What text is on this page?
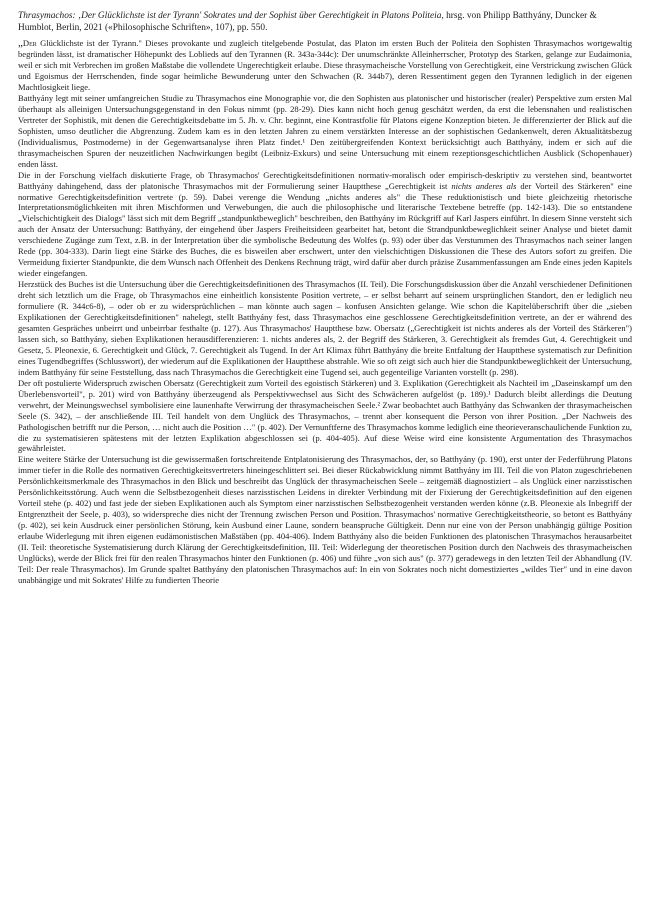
Thrasymachos: ‚Der Glücklichste ist der Tyrann' Sokrates und der Sophist über Gerechtigkeit in Platons Politeia, hrsg. von Philipp Batthyány, Duncker & Humblot, Berlin, 2021 («Philosophische Schriften», 107), pp. 550.

„Der Glücklichste ist der Tyrann." Dieses provokante und zugleich titelgebende Postulat, das Platon im ersten Buch der Politeia den Sophisten Thrasymachos wortgewaltig begründen lässt, ist dramatischer Höhepunkt des Loblieds auf den Tyrannen (R. 343a-344c): Der unumschränkte Alleinherrscher, Prototyp des Starken, gelange zur Eudaimonia, weil er sich mit Verbrechen im großen Maßstabe die vollendete Ungerechtigkeit erlaube. Diese thrasymacheische Vorstellung von Gerechtigkeit, eine Verstrickung zwischen Glück und Egoismus der Herrschenden, finde sogar heimliche Bewunderung unter den Schwachen (R. 344b7), deren Ressentiment gegen den Tyrannen lediglich in der eigenen Machtlosigkeit liege.

Batthyány legt mit seiner umfangreichen Studie zu Thrasymachos eine Monographie vor, die den Sophisten aus platonischer und historischer (realer) Perspektive zum ersten Mal überhaupt als alleinigen Untersuchungsgegenstand in den Fokus nimmt (pp. 28-29). Dies kann nicht hoch genug geschätzt werden, da erst die lebensnahen und realistischen Vertreter der Sophistik, mit denen die Gerechtigkeitsdebatte im 5. Jh. v. Chr. beginnt, eine Kontrastfolie für Platons eigene Konzeption bieten. Je differenzierter der Blick auf die Sophisten, umso deutlicher die Abgrenzung. Zudem kam es in den letzten Jahren zu einem verstärkten Interesse an der sophistischen Gedankenwelt, deren Aktualitätsbezug (Individualismus, Postmoderne) in der Gegenwartsanalyse ihren Platz findet.¹ Den zeitübergreifenden Kontext berücksichtigt auch Batthyány, indem er sich auf die thrasymacheischen Spuren der neuzeitlichen Nachwirkungen begibt (Leibniz-Exkurs) und seine Untersuchung mit einem rezeptionsgeschichtlichen Ausblick (Schopenhauer) enden lässt.

Die in der Forschung vielfach diskutierte Frage, ob Thrasymachos' Gerechtigkeitsdefinitionen normativ-moralisch oder empirisch-deskriptiv zu verstehen sind, beantwortet Batthyány dahingehend, dass der platonische Thrasymachos mit der Formulierung seiner Hauptthese „Gerechtigkeit ist nichts anderes als der Vorteil des Stärkeren" eine normative Gerechtigkeitsdefinition vertrete (p. 59). Dabei verenge die Wendung „nichts anderes als" die These reduktionistisch und biete gleichzeitig rhetorische Interpretationsmöglichkeiten mit ihren Mischformen und Verwebungen, die auch die philosophische und literarische Textebene betreffe (pp. 142-143). Die so entstandene „Vielschichtigkeit des Dialogs" lässt sich mit dem Begriff „standpunktbeweglich" beschreiben, den Batthyány im Rückgriff auf Karl Jaspers einführt. In diesem Sinne versteht sich auch der Ansatz der Untersuchung: Batthyány, der eingehend über Jaspers Freiheitsideen gearbeitet hat, betont die Strandpunktbeweglichkeit seiner Analyse und bietet damit verschiedene Zugänge zum Text, z.B. in der Interpretation über die symbolische Bedeutung des Wolfes (p. 93) oder über das Verstummen des Thrasymachos nach seiner langen Rede (pp. 304-333). Darin liegt eine Stärke des Buches, die es bisweilen aber erschwert, unter den vielschichtigen Diskussionen die These des Autors sofort zu greifen. Die Vermeidung fixierter Standpunkte, die dem Wunsch nach Offenheit des Denkens Rechnung trägt, wird dafür aber durch präzise Zusammenfassungen am Ende eines jeden Kapitels wieder eingefangen.

Herzstück des Buches ist die Untersuchung über die Gerechtigkeitsdefinitionen des Thrasymachos (II. Teil). Die Forschungsdiskussion über die Anzahl verschiedener Definitionen dreht sich letztlich um die Frage, ob Thrasymachos eine einheitlich konsistente Position vertrete, – er selbst beharrt auf seinem ursprünglichen Standort, den er lediglich neu formuliere (R. 344c6-8), – oder ob er zu widersprüchlichen – man könnte auch sagen – konfusen Ansichten gelange. Wie schon die Kapitelüberschrift über die „sieben Explikationen der Gerechtigkeitsdefinitionen" nahelegt, stellt Batthyány fest, dass Thrasymachos eine geschlossene Gerechtigkeitsdefinition vertrete, an der er während des gesamten Gespräches unbeirrt und unbeirrbar festhalte (p. 127). Aus Thrasymachos' Hauptthese bzw. Obersatz („Gerechtigkeit ist nichts anderes als der Vorteil des Stärkeren") lassen sich, so Batthyány, sieben Explikationen herausdifferenzieren: 1. nichts anderes als, 2. der Begriff des Stärkeren, 3. Gerechtigkeit als fremdes Gut, 4. Gerechtigkeit und Gesetz, 5. Pleonexie, 6. Gerechtigkeit und Glück, 7. Gerechtigkeit als Tugend. In der Art Klimax führt Batthyány die breite Entfaltung der Hauptthese systematisch zur Definition eines Tugendbegriffes (Schlusswort), der wiederum auf die Explikationen der Hauptthese abstrahle. Wie so oft zeigt sich auch hier die Standpunktbeweglichkeit der Untersuchung, indem Batthyány für seine Feststellung, dass nach Thrasymachos die Gerechtigkeit eine Tugend sei, auch gegenteilige Varianten vorstellt (p. 298).

Der oft postulierte Widerspruch zwischen Obersatz (Gerechtigkeit zum Vorteil des egoistisch Stärkeren) und 3. Explikation (Gerechtigkeit als Nachteil im „Daseinskampf um den Überlebensvorteil", p. 201) wird von Batthyány überzeugend als Perspektivwechsel aus Sicht des Schwächeren aufgelöst (p. 189).¹ Dadurch bleibt allerdings die Deutung verwehrt, der Meinungswechsel symbolisiere eine launenhafte Verwirrung der thrasymacheischen Seele.² Zwar beobachtet auch Batthyány das Schwanken der thrasymacheischen Seele (S. 342), – der anschließende III. Teil handelt von dem Unglück des Thrasymachos, – trennt aber konsequent die Person von ihrer Position. „Der Nachweis des Pathologischen betrifft nur die Person, … nicht auch die Position …" (p. 402). Der Vernunftferne des Thrasymachos komme lediglich eine theorieveranschaulichende Funktion zu, die zu systematisieren spätestens mit der letzten Explikation abgeschlossen sei (p. 404-405). Auf diese Weise wird eine konsistente Argumentation des Thrasymachos gewährleistet.

Eine weitere Stärke der Untersuchung ist die gewissermaßen fortschreitende Entplatonisierung des Thrasymachos, der, so Batthyány (p. 190), erst unter der Federführung Platons immer tiefer in die Rolle des normativen Gerechtigkeitsvertreters hineingeschlittert sei. Bei dieser Rückabwicklung nimmt Batthyány im III. Teil die von Platon zugeschriebenen Persönlichkeitsmerkmale des Thrasymachos in den Blick und beschreibt das Unglück der thrasymacheischen Seele – zeitgemäß diagnostiziert – als Unglück einer narzisstischen Persönlichkeitsstörung. Auch wenn die Selbstbezogenheit dieses narzisstischen Leidens in direkter Verbindung mit der Fixierung der Gerechtigkeitsdefinition auf den eigenen Vorteil stehe (p. 402) und fast jede der sieben Explikationen auch als Symptom einer narzisstischen Selbstbezogenheit verstanden werden könne (z.B. Pleonexie als Inbegriff der Entgrenztheit der Seele, p. 403), so widerspreche dies nicht der Trennung zwischen Person und Position. Thrasymachos' normative Gerechtigkeitstheorie, so betont es Batthyány (p. 402), sei kein Ausdruck einer persönlichen Störung, kein Ausbund einer Laune, sondern beanspruche Gültigkeit. Denn nur eine von der Person unabhängig gültige Position erlaube Widerlegung mit ihren eigenen eudämonistischen Maßstäben (pp. 404-406). Indem Batthyány also die beiden Funktionen des platonischen Thrasymachos herausarbeitet (II. Teil: theoretische Systematisierung durch Klärung der Gerechtigkeitsdefinition, III. Teil: Widerlegung der theoretischen Position durch den Nachweis des thrasymacheischen Unglücks), werde der Blick frei für den realen Thrasymachos hinter den Funktionen (p. 406) und führe „von sich aus" (p. 377) geradewegs in den letzten Teil der Abhandlung (IV. Teil: Der reale Thrasymachos). Im Grunde spaltet Batthyány den platonischen Thrasymachos auf: In ein von Sokrates noch nicht domestiziertes „wildes Tier" und in eine davon unabhängige und mit Sokrates' Hilfe zu fundierten Theorie
